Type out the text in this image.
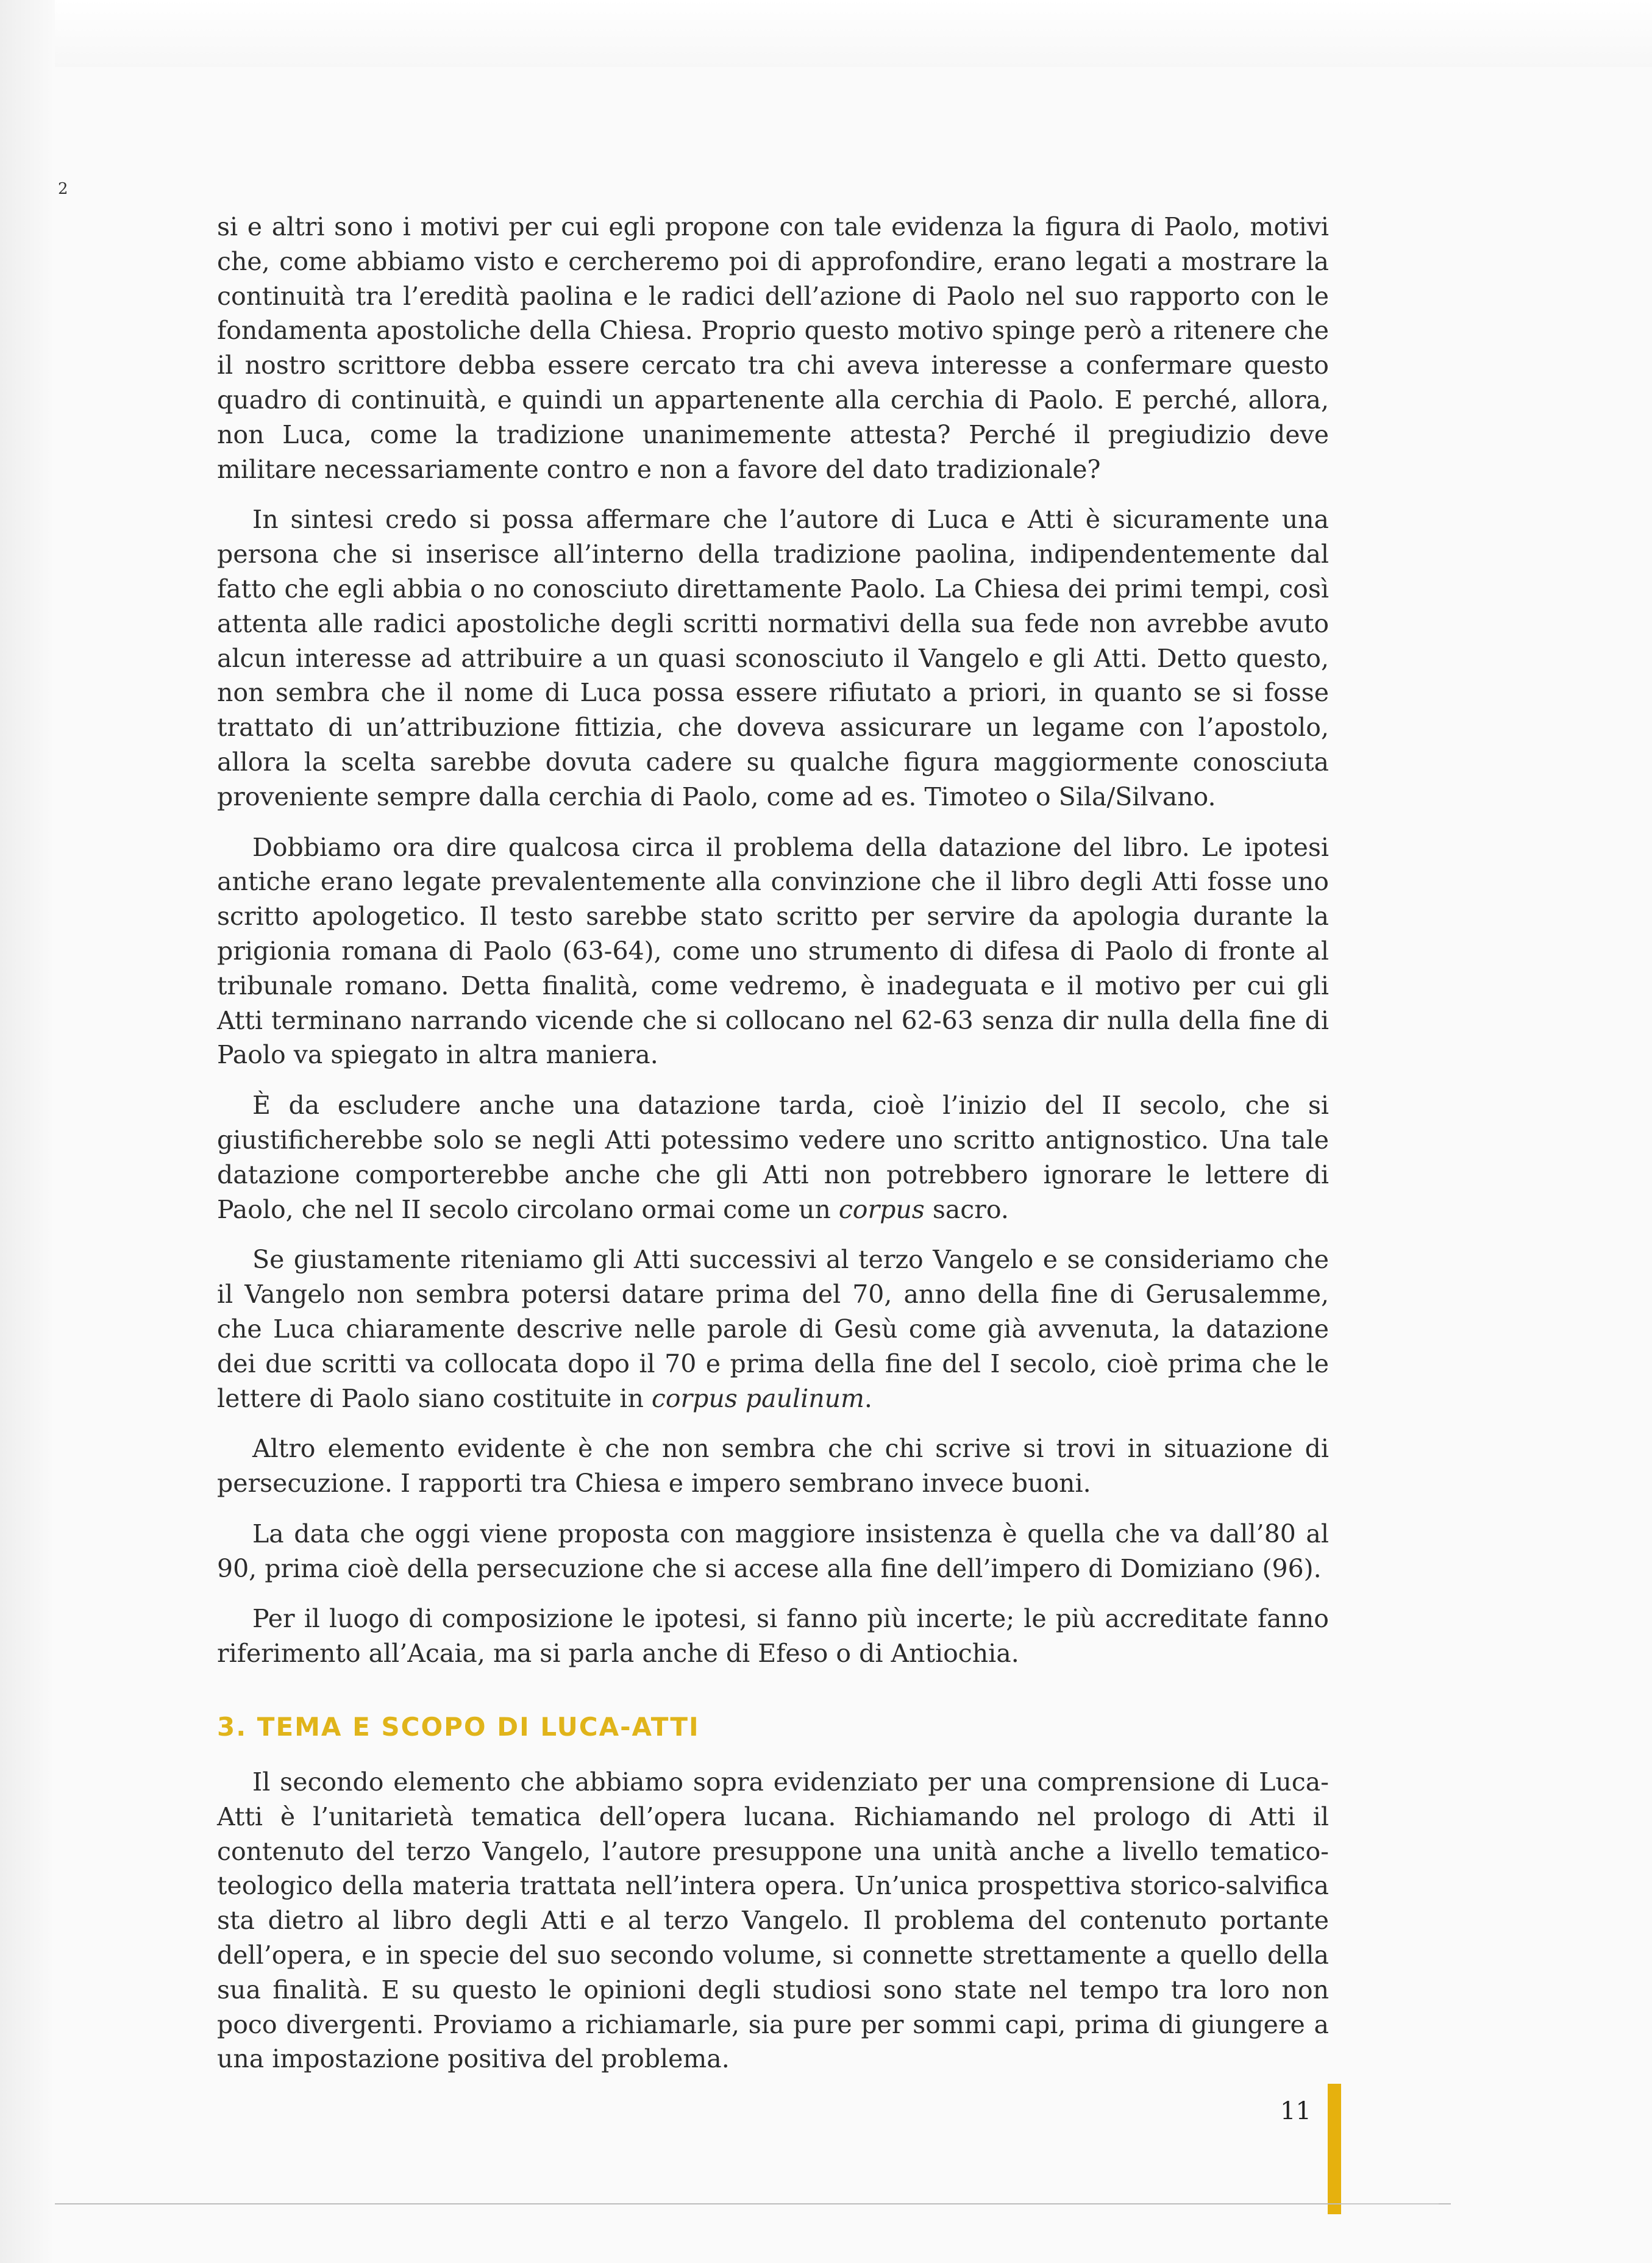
2

si e altri sono i motivi per cui egli propone con tale evidenza la figura di Paolo, motivi che, come abbiamo visto e cercheremo poi di approfondire, erano legati a mostrare la continuità tra l’eredità paolina e le radici dell’azione di Paolo nel suo rapporto con le fondamenta apostoliche della Chiesa. Proprio questo motivo spinge però a ritenere che il nostro scrittore debba essere cercato tra chi aveva interesse a confermare questo quadro di continuità, e quindi un appartenente alla cerchia di Paolo. E perché, allora, non Luca, come la tradizione unanimemente attesta? Perché il pregiudizio deve militare necessariamente contro e non a favore del dato tradizionale?

In sintesi credo si possa affermare che l’autore di Luca e Atti è sicuramente una persona che si inserisce all’interno della tradizione paolina, indipendentemente dal fatto che egli abbia o no conosciuto direttamente Paolo. La Chiesa dei primi tempi, così attenta alle radici apostoliche degli scritti normativi della sua fede non avrebbe avuto alcun interesse ad attribuire a un quasi sconosciuto il Vangelo e gli Atti. Detto questo, non sembra che il nome di Luca possa essere rifiutato a priori, in quanto se si fosse trattato di un’attribuzione fittizia, che doveva assicurare un legame con l’apostolo, allora la scelta sarebbe dovuta cadere su qualche figura maggiormente conosciuta proveniente sempre dalla cerchia di Paolo, come ad es. Timoteo o Sila/Silvano.

Dobbiamo ora dire qualcosa circa il problema della datazione del libro. Le ipotesi antiche erano legate prevalentemente alla convinzione che il libro degli Atti fosse uno scritto apologetico. Il testo sarebbe stato scritto per servire da apologia durante la prigionia romana di Paolo (63-64), come uno strumento di difesa di Paolo di fronte al tribunale romano. Detta finalità, come vedremo, è inadeguata e il motivo per cui gli Atti terminano narrando vicende che si collocano nel 62-63 senza dir nulla della fine di Paolo va spiegato in altra maniera.

È da escludere anche una datazione tarda, cioè l’inizio del II secolo, che si giustificherebbe solo se negli Atti potessimo vedere uno scritto antignostico. Una tale datazione comporterebbe anche che gli Atti non potrebbero ignorare le lettere di Paolo, che nel II secolo circolano ormai come un corpus sacro.

Se giustamente riteniamo gli Atti successivi al terzo Vangelo e se consideriamo che il Vangelo non sembra potersi datare prima del 70, anno della fine di Gerusalemme, che Luca chiaramente descrive nelle parole di Gesù come già avvenuta, la datazione dei due scritti va collocata dopo il 70 e prima della fine del I secolo, cioè prima che le lettere di Paolo siano costituite in corpus paulinum.

Altro elemento evidente è che non sembra che chi scrive si trovi in situazione di persecuzione. I rapporti tra Chiesa e impero sembrano invece buoni.

La data che oggi viene proposta con maggiore insistenza è quella che va dall’80 al 90, prima cioè della persecuzione che si accese alla fine dell’impero di Domiziano (96).

Per il luogo di composizione le ipotesi, si fanno più incerte; le più accreditate fanno riferimento all’Acaia, ma si parla anche di Efeso o di Antiochia.

3. TEMA E SCOPO DI LUCA-ATTI

Il secondo elemento che abbiamo sopra evidenziato per una comprensione di Luca-Atti è l’unitarietà tematica dell’opera lucana. Richiamando nel prologo di Atti il contenuto del terzo Vangelo, l’autore presuppone una unità anche a livello tematico-teologico della materia trattata nell’intera opera. Un’unica prospettiva storico-salvifica sta dietro al libro degli Atti e al terzo Vangelo. Il problema del contenuto portante dell’opera, e in specie del suo secondo volume, si connette strettamente a quello della sua finalità. E su questo le opinioni degli studiosi sono state nel tempo tra loro non poco divergenti. Proviamo a richiamarle, sia pure per sommi capi, prima di giungere a una impostazione positiva del problema.

11
